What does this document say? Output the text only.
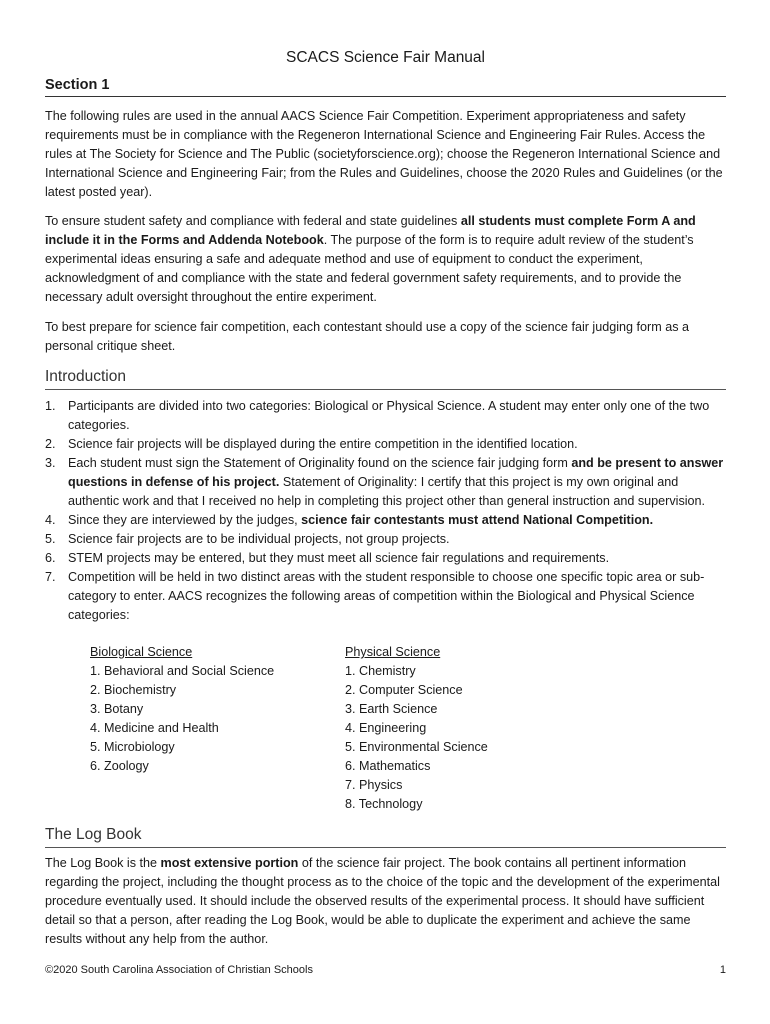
SCACS Science Fair Manual
Section 1

The following rules are used in the annual AACS Science Fair Competition. Experiment appropriateness and safety requirements must be in compliance with the Regeneron International Science and Engineering Fair Rules. Access the rules at The Society for Science and The Public (societyforscience.org); choose the Regeneron International Science and International Science and Engineering Fair; from the Rules and Guidelines, choose the 2020 Rules and Guidelines (or the latest posted year).

To ensure student safety and compliance with federal and state guidelines all students must complete Form A and include it in the Forms and Addenda Notebook. The purpose of the form is to require adult review of the student’s experimental ideas ensuring a safe and adequate method and use of equipment to conduct the experiment, acknowledgment of and compliance with the state and federal government safety requirements, and to provide the necessary adult oversight throughout the entire experiment.

To best prepare for science fair competition, each contestant should use a copy of the science fair judging form as a personal critique sheet.

Introduction
1. Participants are divided into two categories: Biological or Physical Science. A student may enter only one of the two categories.
2. Science fair projects will be displayed during the entire competition in the identified location.
3. Each student must sign the Statement of Originality found on the science fair judging form and be present to answer questions in defense of his project. Statement of Originality: I certify that this project is my own original and authentic work and that I received no help in completing this project other than general instruction and supervision.
4. Since they are interviewed by the judges, science fair contestants must attend National Competition.
5. Science fair projects are to be individual projects, not group projects.
6. STEM projects may be entered, but they must meet all science fair regulations and requirements.
7. Competition will be held in two distinct areas with the student responsible to choose one specific topic area or sub-category to enter. AACS recognizes the following areas of competition within the Biological and Physical Science categories:
Biological Science
1. Behavioral and Social Science
2. Biochemistry
3. Botany
4. Medicine and Health
5. Microbiology
6. Zoology
Physical Science
1. Chemistry
2. Computer Science
3. Earth Science
4. Engineering
5. Environmental Science
6. Mathematics
7. Physics
8. Technology
The Log Book

The Log Book is the most extensive portion of the science fair project. The book contains all pertinent information regarding the project, including the thought process as to the choice of the topic and the development of the experimental procedure eventually used. It should include the observed results of the experimental process. It should have sufficient detail so that a person, after reading the Log Book, would be able to duplicate the experiment and achieve the same results without any help from the author.

©2020 South Carolina Association of Christian Schools	1
